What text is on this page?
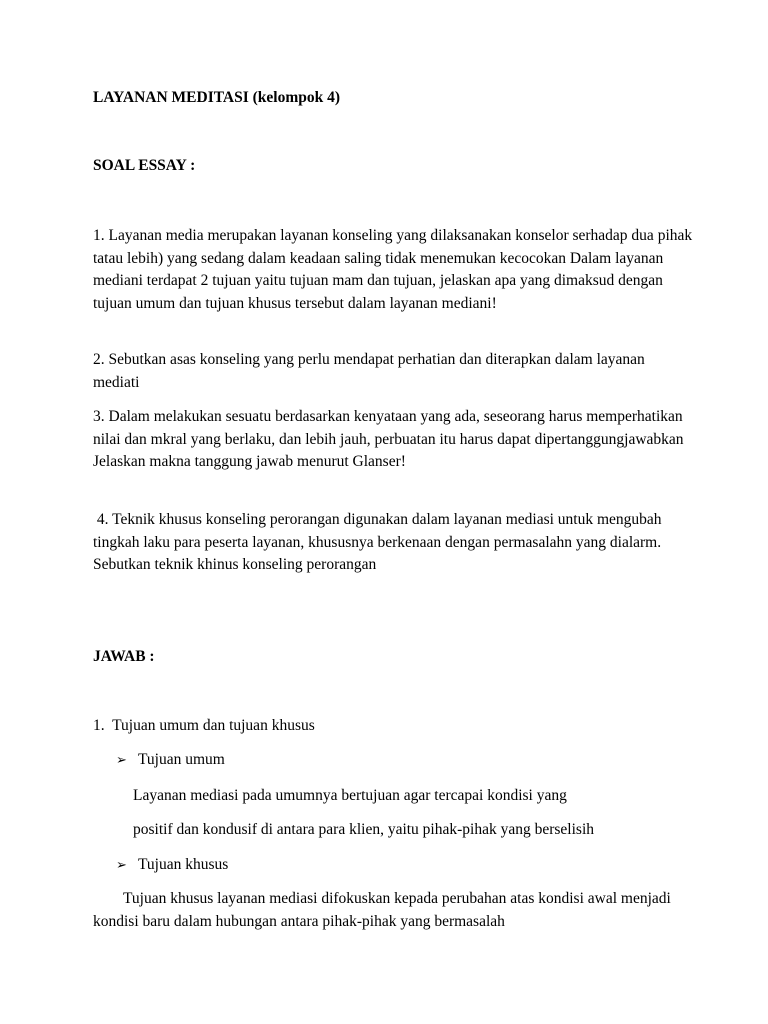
LAYANAN MEDITASI (kelompok 4)
SOAL ESSAY :
1. Layanan media merupakan layanan konseling yang dilaksanakan konselor serhadap dua pihak tatau lebih) yang sedang dalam keadaan saling tidak menemukan kecocokan Dalam layanan mediani terdapat 2 tujuan yaitu tujuan mam dan tujuan, jelaskan apa yang dimaksud dengan tujuan umum dan tujuan khusus tersebut dalam layanan mediani!
2. Sebutkan asas konseling yang perlu mendapat perhatian dan diterapkan dalam layanan mediati
3. Dalam melakukan sesuatu berdasarkan kenyataan yang ada, seseorang harus memperhatikan nilai dan mkral yang berlaku, dan lebih jauh, perbuatan itu harus dapat dipertanggungjawabkan Jelaskan makna tanggung jawab menurut Glanser!
4. Teknik khusus konseling perorangan digunakan dalam layanan mediasi untuk mengubah tingkah laku para peserta layanan, khususnya berkenaan dengan permasalahn yang dialarm. Sebutkan teknik khinus konseling perorangan
JAWAB :
1.  Tujuan umum dan tujuan khusus
➢ Tujuan umum
Layanan mediasi pada umumnya bertujuan agar tercapai kondisi yang
positif dan kondusif di antara para klien, yaitu pihak-pihak yang berselisih
➢ Tujuan khusus
Tujuan khusus layanan mediasi difokuskan kepada perubahan atas kondisi awal menjadi kondisi baru dalam hubungan antara pihak-pihak yang bermasalah
